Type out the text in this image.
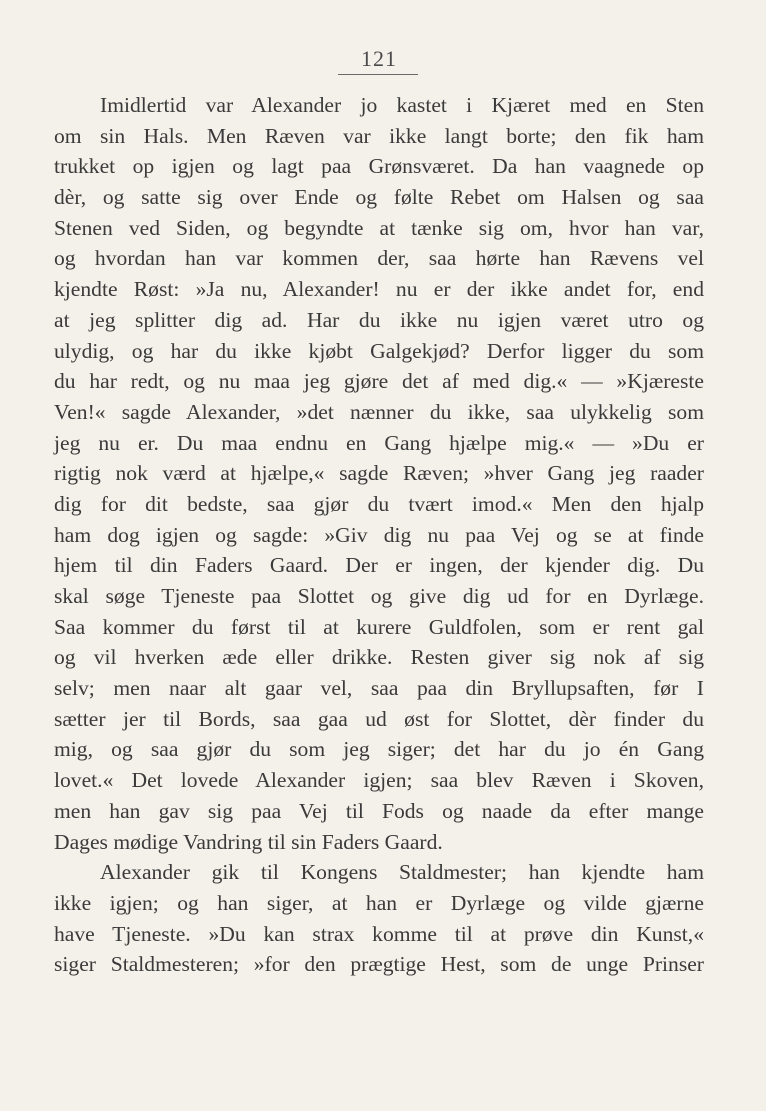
121
Imidlertid var Alexander jo kastet i Kjæret med en Sten
om sin Hals. Men Ræven var ikke langt borte; den fik ham
trukket op igjen og lagt paa Grønsværet. Da han vaagnede op
dèr, og satte sig over Ende og følte Rebet om Halsen og saa
Stenen ved Siden, og begyndte at tænke sig om, hvor han var,
og hvordan han var kommen der, saa hørte han Rævens vel
kjendte Røst: »Ja nu, Alexander! nu er der ikke andet for, end
at jeg splitter dig ad. Har du ikke nu igjen været utro og
ulydig, og har du ikke kjøbt Galgekjød? Derfor ligger du som
du har redt, og nu maa jeg gjøre det af med dig.« — »Kjæreste
Ven!« sagde Alexander, »det nænner du ikke, saa ulykkelig som
jeg nu er. Du maa endnu en Gang hjælpe mig.« — »Du er
rigtig nok værd at hjælpe,« sagde Ræven; »hver Gang jeg raader
dig for dit bedste, saa gjør du tvært imod.« Men den hjalp
ham dog igjen og sagde: »Giv dig nu paa Vej og se at finde
hjem til din Faders Gaard. Der er ingen, der kjender dig. Du
skal søge Tjeneste paa Slottet og give dig ud for en Dyrlæge.
Saa kommer du først til at kurere Guldfolen, som er rent gal
og vil hverken æde eller drikke. Resten giver sig nok af sig
selv; men naar alt gaar vel, saa paa din Bryllupsaften, før I
sætter jer til Bords, saa gaa ud øst for Slottet, dèr finder du
mig, og saa gjør du som jeg siger; det har du jo én Gang
lovet.« Det lovede Alexander igjen; saa blev Ræven i Skoven,
men han gav sig paa Vej til Fods og naade da efter mange
Dages mødige Vandring til sin Faders Gaard.
Alexander gik til Kongens Staldmester; han kjendte ham
ikke igjen; og han siger, at han er Dyrlæge og vilde gjærne
have Tjeneste. »Du kan strax komme til at prøve din Kunst,«
siger Staldmesteren; »for den prægtige Hest, som de unge Prinser
